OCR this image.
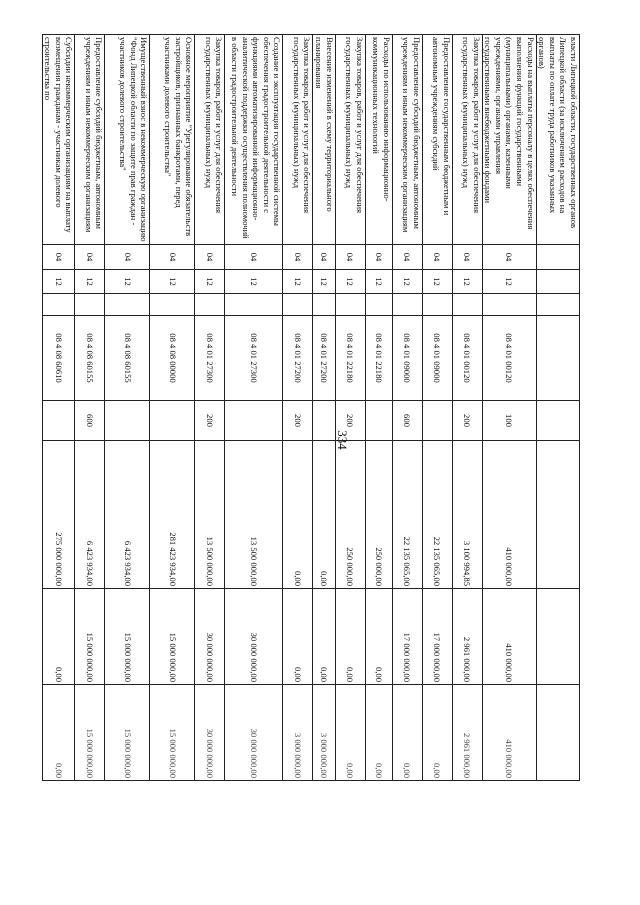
334
власти Липецкой области, государственных органов Липецкой области (за исключением расходов на выплаты по оплате труда работников указанных органов)								
Расходы на выплаты персоналу в целях обеспечения выполнения функций государственными (муниципальными) органами, казенными учреждениями, органами управления государственными внебюджетными фондами	04	12		08 4 01 00120	100	410 000,00	410 000,00	410 000,00
Закупка товаров, работ и услуг для обеспечения государственных (муниципальных) нужд	04	12		08 4 01 00120	200	3 100 994,85	2 961 000,00	2 961 000,00
Предоставление государственным бюджетным и автономным учреждениям субсидий	04	12		08 4 01 09000		22 135 065,00	17 000 000,00	0,00
Предоставление субсидий бюджетным, автономным учреждениям и иным некоммерческим организациям	04	12		08 4 01 09000	600	22 135 065,00	17 000 000,00	0,00
Расходы по использованию информационно-коммуникационных технологий	04	12		08 4 01 22180		250 000,00	0,00	0,00
Закупка товаров, работ и услуг для обеспечения государственных (муниципальных) нужд	04	12		08 4 01 22180	200	250 000,00	0,00	0,00
Внесение изменений в схему территориального планирования	04	12		08 4 01 27200		0,00	0,00	3 000 000,00
Закупка товаров, работ и услуг для обеспечения государственных (муниципальных) нужд	04	12		08 4 01 27200	200	0,00	0,00	3 000 000,00
Создание и эксплуатация государственной системы обеспечения градостроительной деятельности с функциями автоматизированной информационно-аналитической поддержки осуществления полномочий в области градостроительной деятельности	04	12		08 4 01 27300		13 500 000,00	30 000 000,00	30 000 000,00
Закупка товаров, работ и услуг для обеспечения государственных (муниципальных) нужд	04	12		08 4 01 27300	200	13 500 000,00	30 000 000,00	30 000 000,00
Основное мероприятие "Урегулирование обязательств застройщиков, признанных банкротами, перед участниками долевого строительства"	04	12		08 4 08 00000		281 423 934,00	15 000 000,00	15 000 000,00
Имущественный взнос в некоммерческую организацию "Фонд Липецкой области по защите прав граждан - участников долевого строительства"	04	12		08 4 08 60155		6 423 934,00	15 000 000,00	15 000 000,00
Предоставление субсидий бюджетным, автономным учреждениям и иным некоммерческим организациям	04	12		08 4 08 60155	600	6 423 934,00	15 000 000,00	15 000 000,00
Субсидии некоммерческим организациям на выплату возмещения гражданам - участникам долевого строительства по	04	12		08 4 08 60610		275 000 000,00	0,00	0,00
